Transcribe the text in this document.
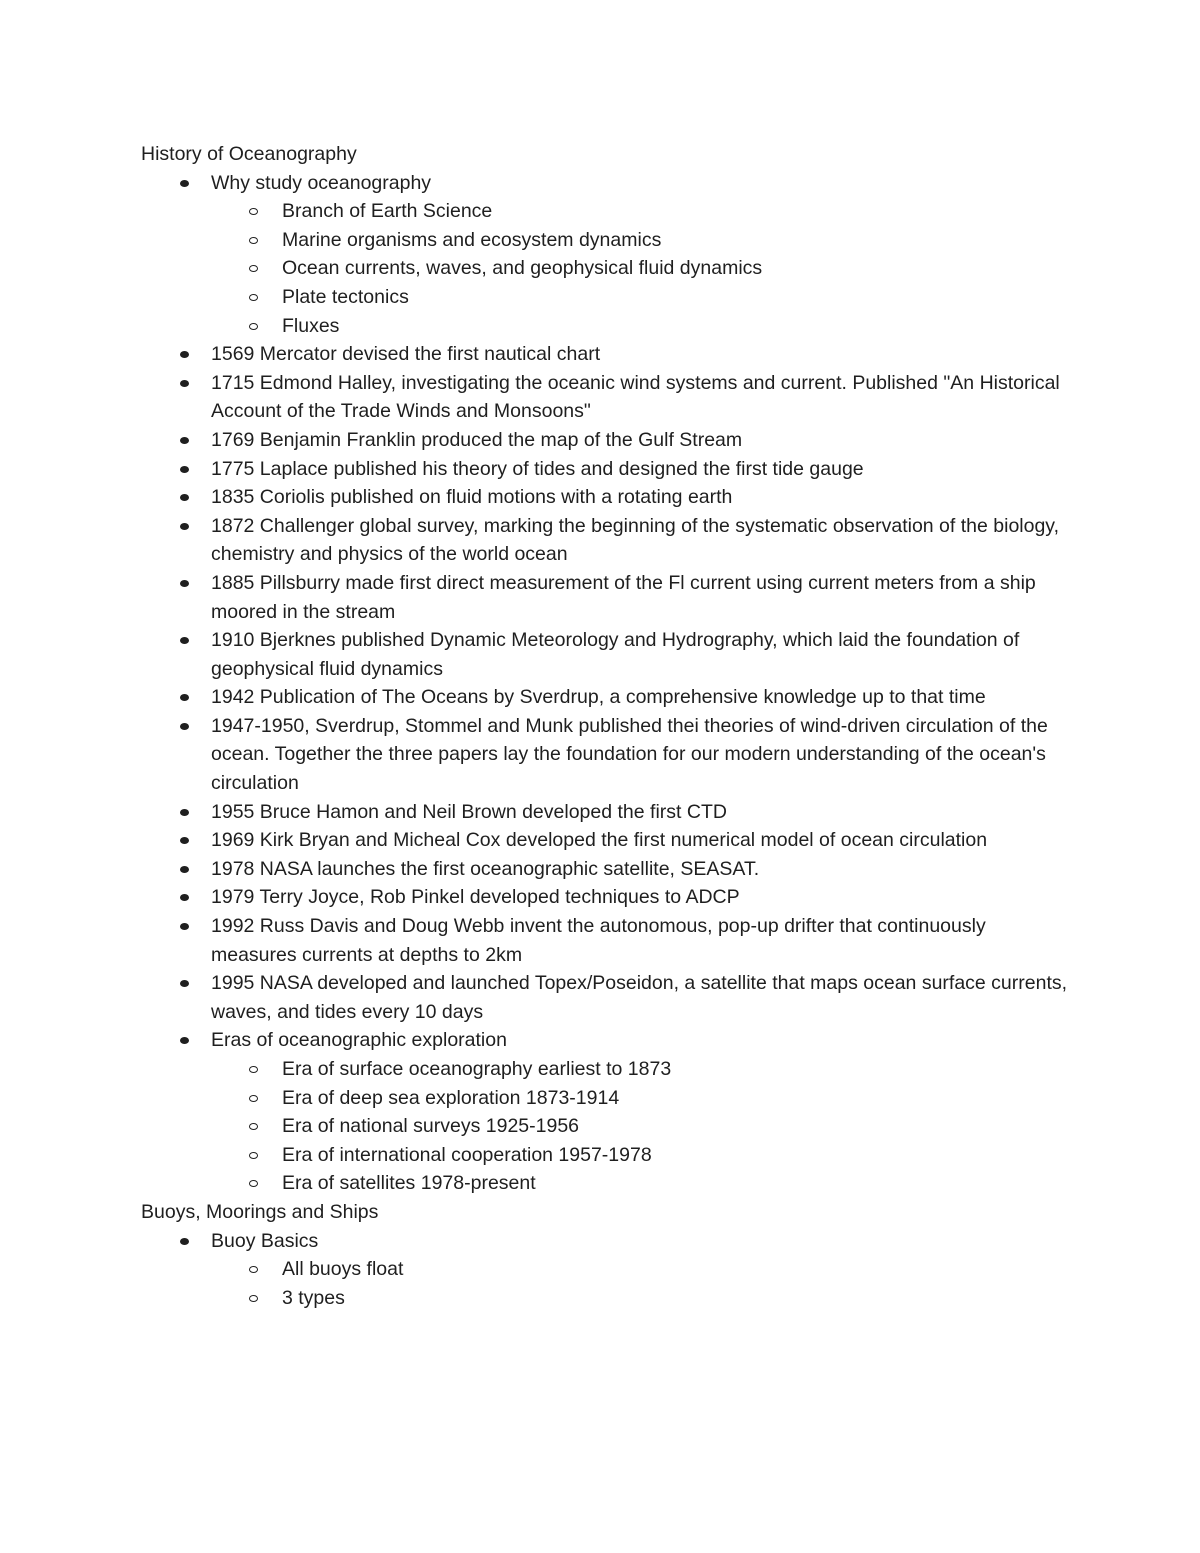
History of Oceanography
Why study oceanography
Branch of Earth Science
Marine organisms and ecosystem dynamics
Ocean currents, waves, and geophysical fluid dynamics
Plate tectonics
Fluxes
1569 Mercator devised the first nautical chart
1715 Edmond Halley, investigating the oceanic wind systems and current. Published "An Historical Account of the Trade Winds and Monsoons"
1769 Benjamin Franklin produced the map of the Gulf Stream
1775 Laplace published his theory of tides and designed the first tide gauge
1835 Coriolis published on fluid motions with a rotating earth
1872 Challenger global survey, marking the beginning of the systematic observation of the biology, chemistry and physics of the world ocean
1885 Pillsburry made first direct measurement of the Fl current using current meters from a ship moored in the stream
1910 Bjerknes published Dynamic Meteorology and Hydrography, which laid the foundation of geophysical fluid dynamics
1942 Publication of The Oceans by Sverdrup, a comprehensive knowledge up to that time
1947-1950, Sverdrup, Stommel and Munk published thei theories of wind-driven circulation of the ocean. Together the three papers lay the foundation for our modern understanding of the ocean's circulation
1955 Bruce Hamon and Neil Brown developed the first CTD
1969 Kirk Bryan and Micheal Cox developed the first numerical model of ocean circulation
1978 NASA launches the first oceanographic satellite, SEASAT.
1979 Terry Joyce, Rob Pinkel developed techniques to ADCP
1992 Russ Davis and Doug Webb invent the autonomous, pop-up drifter that continuously measures currents at depths to 2km
1995 NASA developed and launched Topex/Poseidon, a satellite that maps ocean surface currents, waves, and tides every 10 days
Eras of oceanographic exploration
Era of surface oceanography earliest to 1873
Era of deep sea exploration 1873-1914
Era of national surveys 1925-1956
Era of international cooperation 1957-1978
Era of satellites 1978-present
Buoys, Moorings and Ships
Buoy Basics
All buoys float
3 types
